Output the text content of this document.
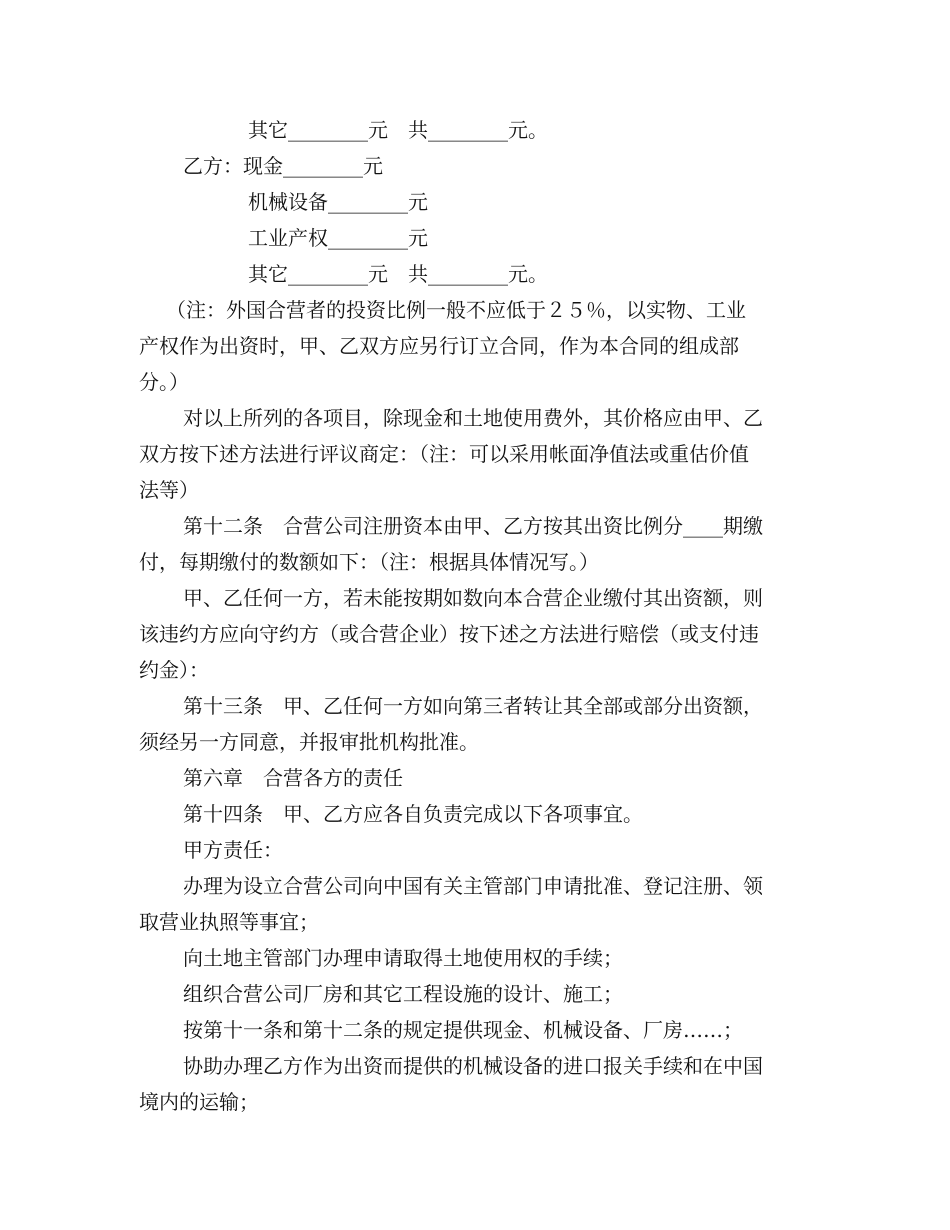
其它________元　共________元。
乙方：现金________元
机械设备________元
工业产权________元
其它________元　共________元。
（注：外国合营者的投资比例一般不应低于２５％，以实物、工业
产权作为出资时，甲、乙双方应另行订立合同，作为本合同的组成部
分。）
对以上所列的各项目，除现金和土地使用费外，其价格应由甲、乙
双方按下述方法进行评议商定：（注：可以采用帐面净值法或重估价值
法等）
第十二条　合营公司注册资本由甲、乙方按其出资比例分____期缴
付，每期缴付的数额如下：（注：根据具体情况写。）
甲、乙任何一方，若未能按期如数向本合营企业缴付其出资额，则
该违约方应向守约方（或合营企业）按下述之方法进行赔偿（或支付违
约金）：
第十三条　甲、乙任何一方如向第三者转让其全部或部分出资额，
须经另一方同意，并报审批机构批准。
第六章　合营各方的责任
第十四条　甲、乙方应各自负责完成以下各项事宜。
甲方责任：
办理为设立合营公司向中国有关主管部门申请批准、登记注册、领
取营业执照等事宜；
向土地主管部门办理申请取得土地使用权的手续；
组织合营公司厂房和其它工程设施的设计、施工；
按第十一条和第十二条的规定提供现金、机械设备、厂房……；
协助办理乙方作为出资而提供的机械设备的进口报关手续和在中国
境内的运输；
